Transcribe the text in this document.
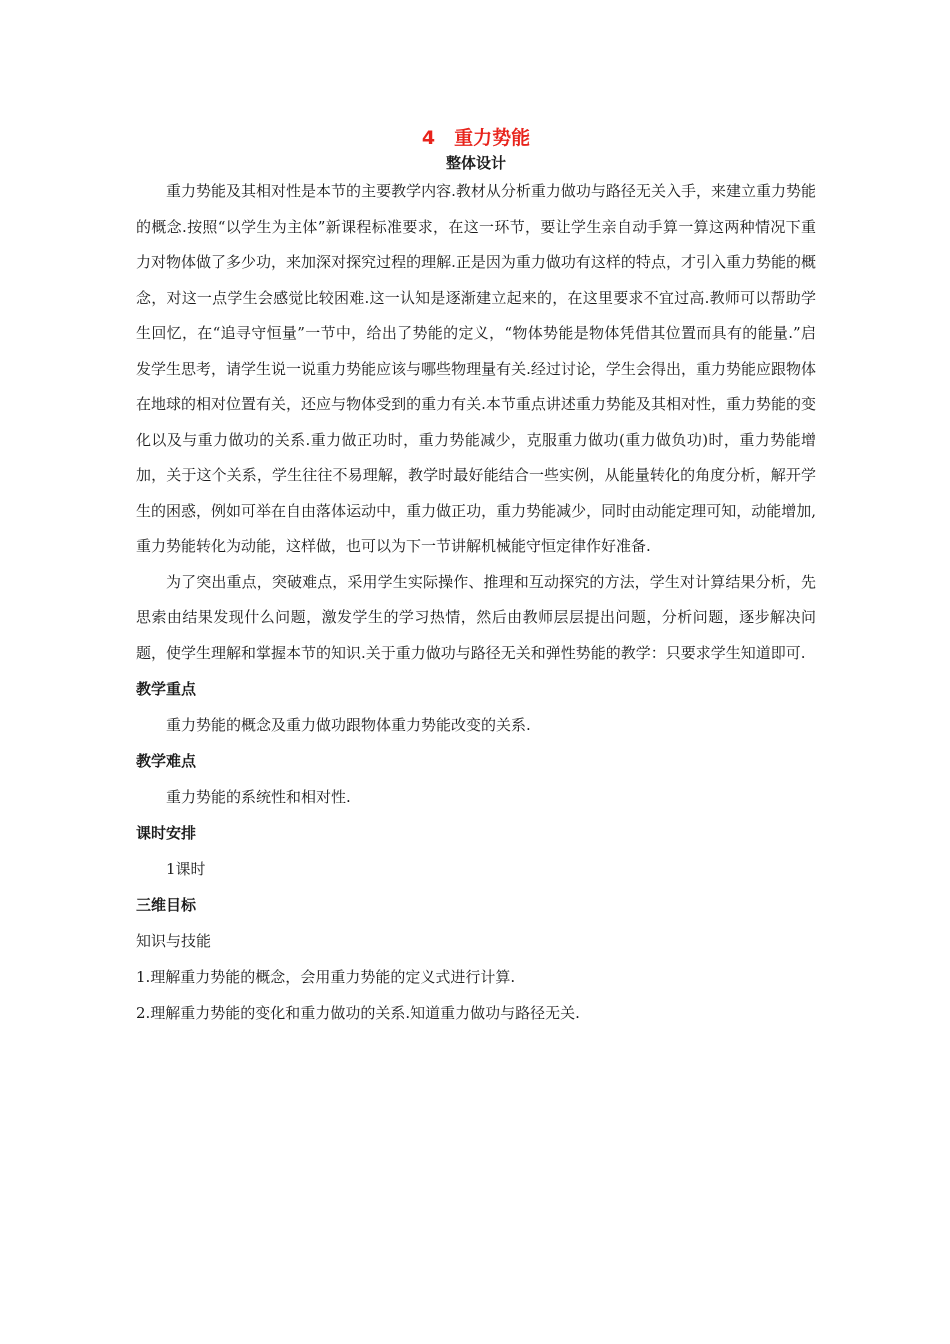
4　重力势能
整体设计

重力势能及其相对性是本节的主要教学内容.教材从分析重力做功与路径无关入手，来建立重力势能的概念.按照“以学生为主体”新课程标准要求，在这一环节，要让学生亲自动手算一算这两种情况下重力对物体做了多少功，来加深对探究过程的理解.正是因为重力做功有这样的特点，才引入重力势能的概念，对这一点学生会感觉比较困难.这一认知是逐渐建立起来的，在这里要求不宜过高.教师可以帮助学生回忆，在“追寻守恒量”一节中，给出了势能的定义，“物体势能是物体凭借其位置而具有的能量.”启发学生思考，请学生说一说重力势能应该与哪些物理量有关.经过讨论，学生会得出，重力势能应跟物体在地球的相对位置有关，还应与物体受到的重力有关.本节重点讲述重力势能及其相对性，重力势能的变化以及与重力做功的关系.重力做正功时，重力势能减少，克服重力做功(重力做负功)时，重力势能增加，关于这个关系，学生往往不易理解，教学时最好能结合一些实例，从能量转化的角度分析，解开学生的困惑，例如可举在自由落体运动中，重力做正功，重力势能减少，同时由动能定理可知，动能增加,重力势能转化为动能，这样做，也可以为下一节讲解机械能守恒定律作好准备.

为了突出重点，突破难点，采用学生实际操作、推理和互动探究的方法，学生对计算结果分析，先思索由结果发现什么问题，激发学生的学习热情，然后由教师层层提出问题，分析问题，逐步解决问题，使学生理解和掌握本节的知识.关于重力做功与路径无关和弹性势能的教学：只要求学生知道即可.

教学重点

重力势能的概念及重力做功跟物体重力势能改变的关系.

教学难点

重力势能的系统性和相对性.

课时安排

1课时

三维目标

知识与技能

1.理解重力势能的概念，会用重力势能的定义式进行计算.

2.理解重力势能的变化和重力做功的关系.知道重力做功与路径无关.
